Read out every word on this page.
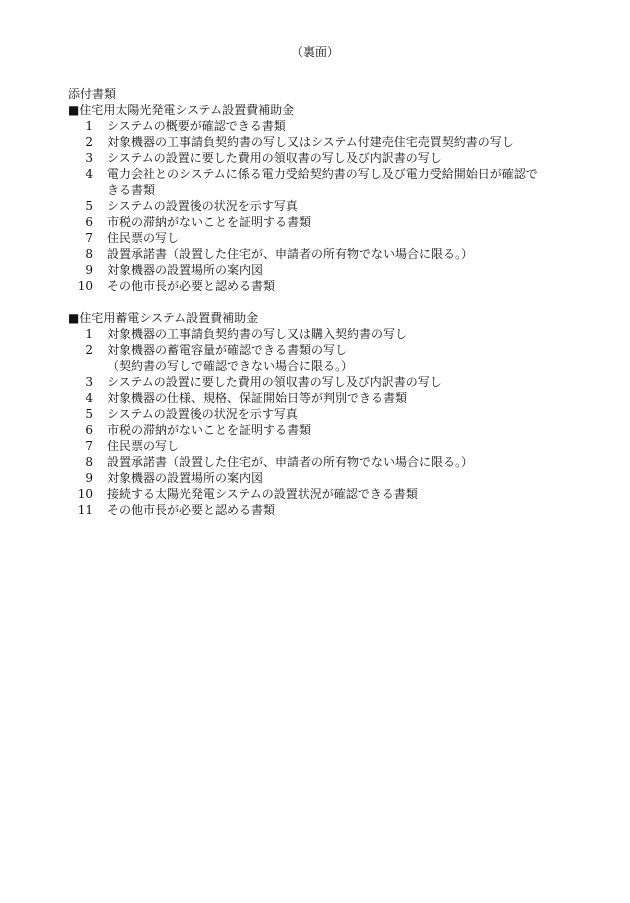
（裏面）
添付書類
■住宅用太陽光発電システム設置費補助金
1 システムの概要が確認できる書類
2 対象機器の工事請負契約書の写し又はシステム付建売住宅売買契約書の写し
3 システムの設置に要した費用の領収書の写し及び内訳書の写し
4 電力会社とのシステムに係る電力受給契約書の写し及び電力受給開始日が確認で
きる書類
5 システムの設置後の状況を示す写真
6 市税の滞納がないことを証明する書類
7 住民票の写し
8 設置承諾書（設置した住宅が、申請者の所有物でない場合に限る。）
9 対象機器の設置場所の案内図
10 その他市長が必要と認める書類
■住宅用蓄電システム設置費補助金
1 対象機器の工事請負契約書の写し又は購入契約書の写し
2 対象機器の蓄電容量が確認できる書類の写し
（契約書の写しで確認できない場合に限る。）
3 システムの設置に要した費用の領収書の写し及び内訳書の写し
4 対象機器の仕様、規格、保証開始日等が判別できる書類
5 システムの設置後の状況を示す写真
6 市税の滞納がないことを証明する書類
7 住民票の写し
8 設置承諾書（設置した住宅が、申請者の所有物でない場合に限る。）
9 対象機器の設置場所の案内図
10 接続する太陽光発電システムの設置状況が確認できる書類
11 その他市長が必要と認める書類
